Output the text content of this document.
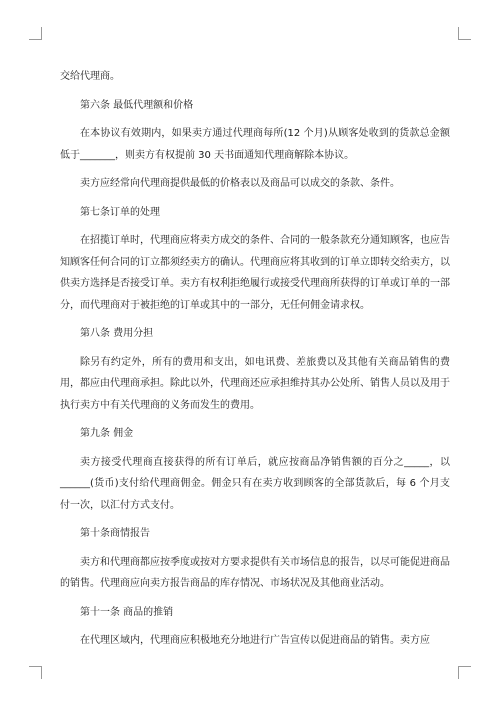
交给代理商。

第六条 最低代理额和价格

在本协议有效期内，如果卖方通过代理商每所(12 个月)从顾客处收到的货款总金额低于_______，则卖方有权提前 30 天书面通知代理商解除本协议。

卖方应经常向代理商提供最低的价格表以及商品可以成交的条款、条件。

第七条订单的处理

在招揽订单时，代理商应将卖方成交的条件、合同的一般条款充分通知顾客，也应告知顾客任何合同的订立都须经卖方的确认。代理商应将其收到的订单立即转交给卖方，以供卖方选择是否接受订单。卖方有权利拒绝履行或接受代理商所获得的订单或订单的一部分，而代理商对于被拒绝的订单或其中的一部分，无任何佣金请求权。

第八条 费用分担

除另有约定外，所有的费用和支出，如电讯费、差旅费以及其他有关商品销售的费用，都应由代理商承担。除此以外，代理商还应承担维持其办公处所、销售人员以及用于执行卖方中有关代理商的义务而发生的费用。

第九条 佣金

卖方接受代理商直接获得的所有订单后，就应按商品净销售额的百分之_____，以______(货币)支付给代理商佣金。佣金只有在卖方收到顾客的全部货款后，每 6 个月支付一次，以汇付方式支付。

第十条商情报告

卖方和代理商都应按季度或按对方要求提供有关市场信息的报告，以尽可能促进商品的销售。代理商应向卖方报告商品的库存情况、市场状况及其他商业活动。

第十一条 商品的推销

在代理区域内，代理商应积极地充分地进行广告宣传以促进商品的销售。卖方应
